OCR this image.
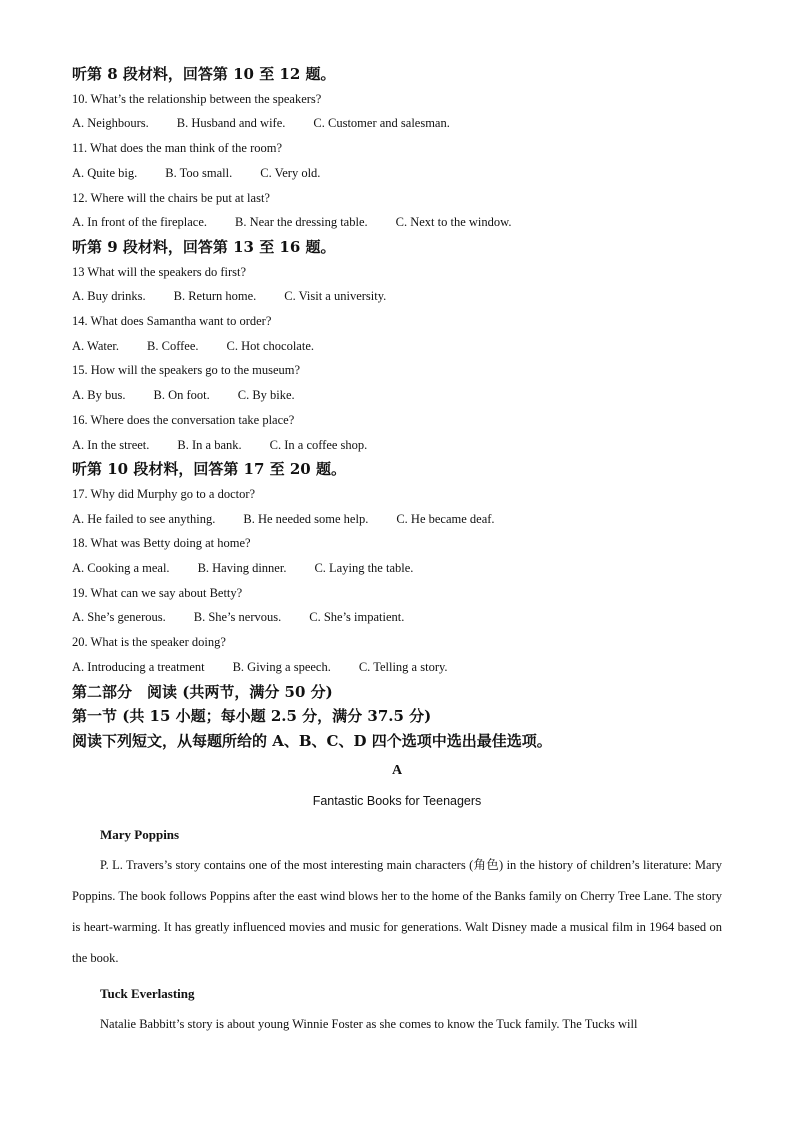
听第 8 段材料，回答第 10 至 12 题。
10. What’s the relationship between the speakers?
A. Neighbours. B. Husband and wife. C. Customer and salesman.
11. What does the man think of the room?
A. Quite big. B. Too small. C. Very old.
12. Where will the chairs be put at last?
A. In front of the fireplace. B. Near the dressing table. C. Next to the window.
听第 9 段材料，回答第 13 至 16 题。
13 What will the speakers do first?
A. Buy drinks. B. Return home. C. Visit a university.
14. What does Samantha want to order?
A. Water. B. Coffee. C. Hot chocolate.
15. How will the speakers go to the museum?
A. By bus. B. On foot. C. By bike.
16. Where does the conversation take place?
A. In the street. B. In a bank. C. In a coffee shop.
听第 10 段材料，回答第 17 至 20 题。
17. Why did Murphy go to a doctor?
A. He failed to see anything. B. He needed some help. C. He became deaf.
18. What was Betty doing at home?
A. Cooking a meal. B. Having dinner. C. Laying the table.
19. What can we say about Betty?
A. She’s generous. B. She’s nervous. C. She’s impatient.
20. What is the speaker doing?
A. Introducing a treatment B. Giving a speech. C. Telling a story.
第二部分　阅读 (共两节，满分 50 分)
第一节 (共 15 小题；每小题 2.5 分，满分 37.5 分)
阅读下列短文，从每题所给的 A、B、C、D 四个选项中选出最佳选项。
A
Fantastic Books for Teenagers
Mary Poppins
P. L. Travers’s story contains one of the most interesting main characters (角色) in the history of children’s literature: Mary Poppins. The book follows Poppins after the east wind blows her to the home of the Banks family on Cherry Tree Lane. The story is heart-warming. It has greatly influenced movies and music for generations. Walt Disney made a musical film in 1964 based on the book.
Tuck Everlasting
Natalie Babbitt’s story is about young Winnie Foster as she comes to know the Tuck family. The Tucks will
